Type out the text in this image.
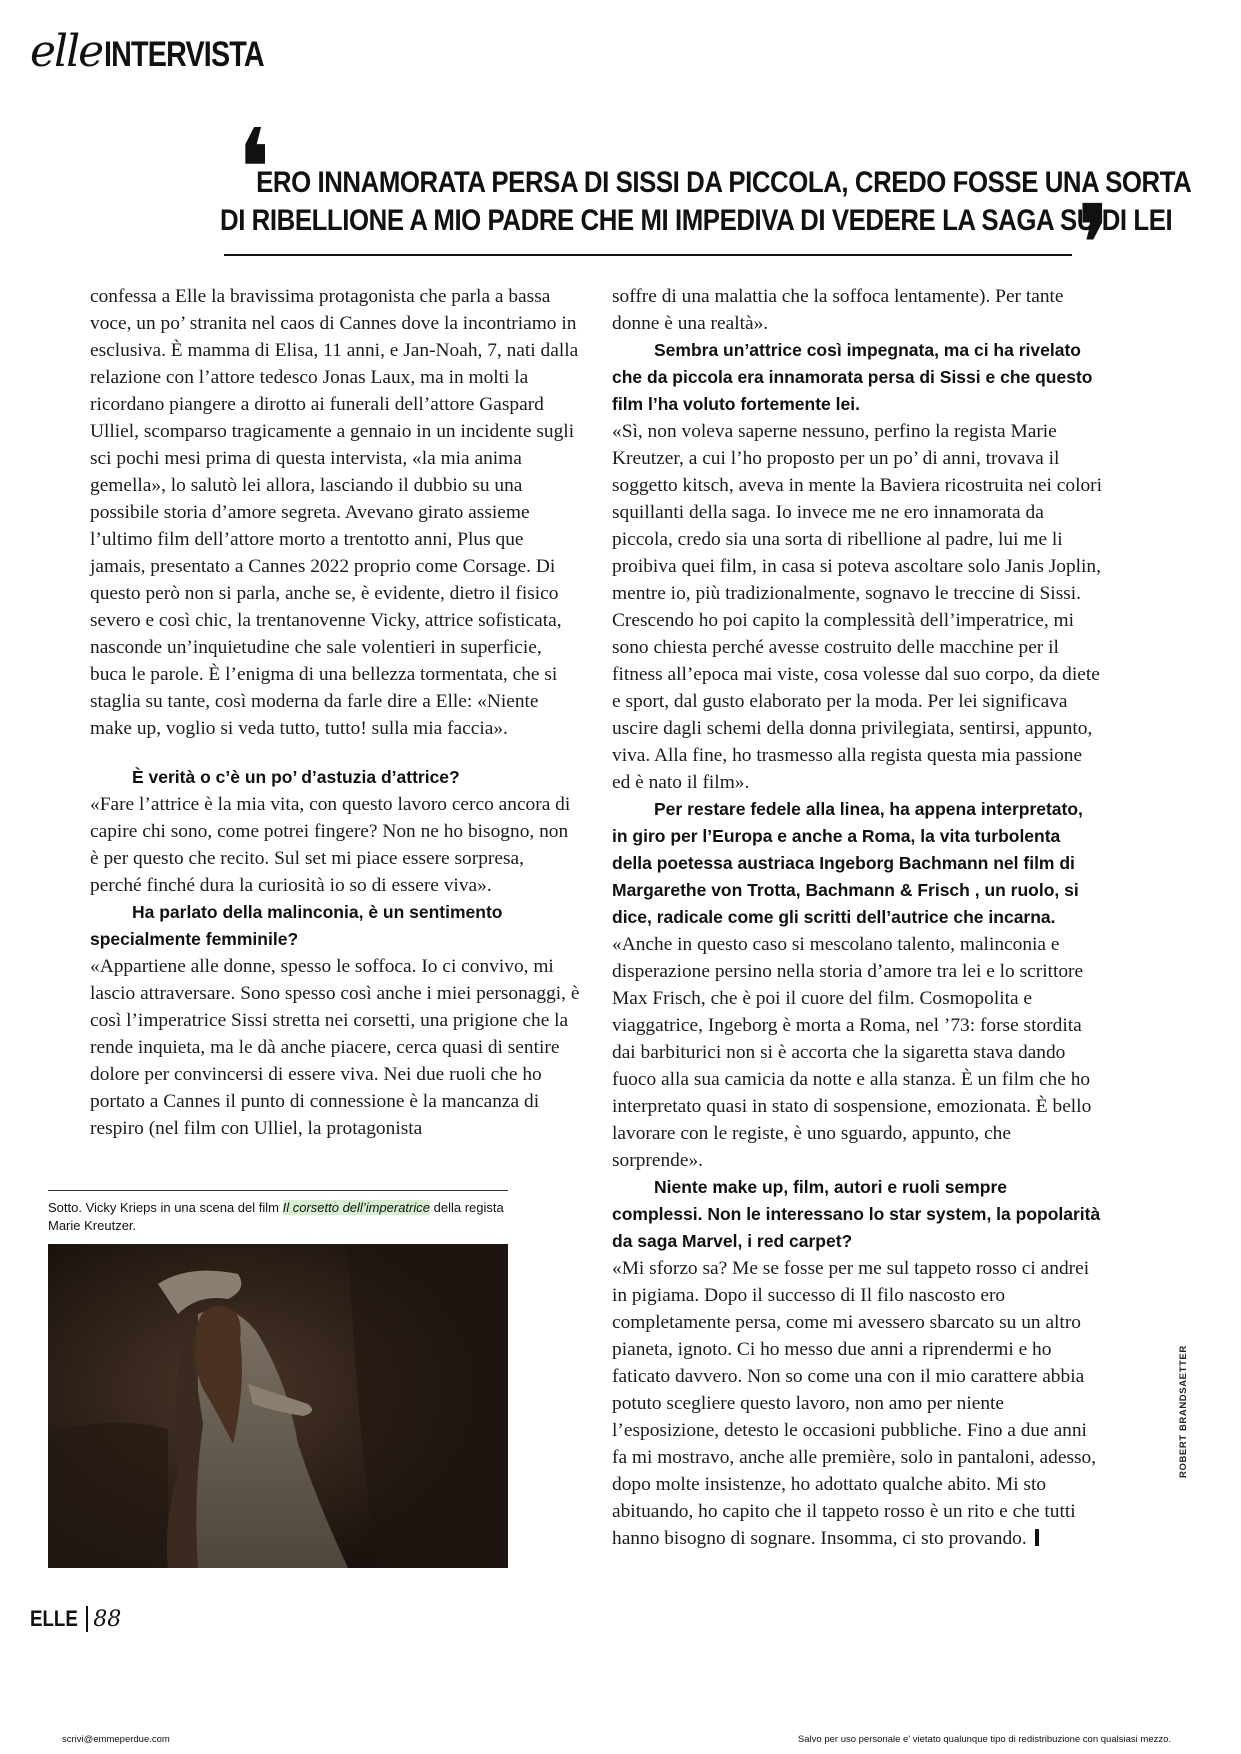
elle INTERVISTA
❛
ERO INNAMORATA PERSA DI SISSI DA PICCOLA, CREDO FOSSE UNA SORTA
DI RIBELLIONE A MIO PADRE CHE MI IMPEDIVA DI VEDERE LA SAGA SU DI LEI
❜

confessa a Elle la bravissima protagonista che parla a bassa voce, un po’ stranita nel caos di Cannes dove la incontriamo in esclusiva. È mamma di Elisa, 11 anni, e Jan-Noah, 7, nati dalla relazione con l’attore tedesco Jonas Laux, ma in molti la ricordano piangere a dirotto ai funerali dell’attore Gaspard Ulliel, scomparso tragicamente a gennaio in un incidente sugli sci pochi mesi prima di questa intervista, «la mia anima gemella», lo salutò lei allora, lasciando il dubbio su una possibile storia d’amore segreta. Avevano girato assieme l’ultimo film dell’attore morto a trentotto anni, Plus que jamais, presentato a Cannes 2022 proprio come Corsage. Di questo però non si parla, anche se, è evidente, dietro il fisico severo e così chic, la trentanovenne Vicky, attrice sofisticata, nasconde un’inquietudine che sale volentieri in superficie, buca le parole. È l’enigma di una bellezza tormentata, che si staglia su tante, così moderna da farle dire a Elle: «Niente make up, voglio si veda tutto, tutto! sulla mia faccia».

È verità o c’è un po’ d’astuzia d’attrice?

«Fare l’attrice è la mia vita, con questo lavoro cerco ancora di capire chi sono, come potrei fingere? Non ne ho bisogno, non è per questo che recito. Sul set mi piace essere sorpresa, perché finché dura la curiosità io so di essere viva».

Ha parlato della malinconia, è un sentimento specialmente femminile?

«Appartiene alle donne, spesso le soffoca. Io ci convivo, mi lascio attraversare. Sono spesso così anche i miei personaggi, è così l’imperatrice Sissi stretta nei corsetti, una prigione che la rende inquieta, ma le dà anche piacere, cerca quasi di sentire dolore per convincersi di essere viva. Nei due ruoli che ho portato a Cannes il punto di connessione è la mancanza di respiro (nel film con Ulliel, la protagonista

Sotto. Vicky Krieps in una scena del film Il corsetto dell’imperatrice della regista Marie Kreutzer.

soffre di una malattia che la soffoca lentamente). Per tante donne è una realtà».

Sembra un’attrice così impegnata, ma ci ha rivelato che da piccola era innamorata persa di Sissi e che questo film l’ha voluto fortemente lei.

«Sì, non voleva saperne nessuno, perfino la regista Marie Kreutzer, a cui l’ho proposto per un po’ di anni, trovava il soggetto kitsch, aveva in mente la Baviera ricostruita nei colori squillanti della saga. Io invece me ne ero innamorata da piccola, credo sia una sorta di ribellione al padre, lui me li proibiva quei film, in casa si poteva ascoltare solo Janis Joplin, mentre io, più tradizionalmente, sognavo le treccine di Sissi. Crescendo ho poi capito la complessità dell’imperatrice, mi sono chiesta perché avesse costruito delle macchine per il fitness all’epoca mai viste, cosa volesse dal suo corpo, da diete e sport, dal gusto elaborato per la moda. Per lei significava uscire dagli schemi della donna privilegiata, sentirsi, appunto, viva. Alla fine, ho trasmesso alla regista questa mia passione ed è nato il film».

Per restare fedele alla linea, ha appena interpretato, in giro per l’Europa e anche a Roma, la vita turbolenta della poetessa austriaca Ingeborg Bachmann nel film di Margarethe von Trotta, Bachmann & Frisch , un ruolo, si dice, radicale come gli scritti dell’autrice che incarna.

«Anche in questo caso si mescolano talento, malinconia e disperazione persino nella storia d’amore tra lei e lo scrittore Max Frisch, che è poi il cuore del film. Cosmopolita e viaggatrice, Ingeborg è morta a Roma, nel ’73: forse stordita dai barbiturici non si è accorta che la sigaretta stava dando fuoco alla sua camicia da notte e alla stanza. È un film che ho interpretato quasi in stato di sospensione, emozionata. È bello lavorare con le registe, è uno sguardo, appunto, che sorprende».

Niente make up, film, autori e ruoli sempre complessi. Non le interessano lo star system, la popolarità da saga Marvel, i red carpet?

«Mi sforzo sa? Me se fosse per me sul tappeto rosso ci andrei in pigiama. Dopo il successo di Il filo nascosto ero completamente persa, come mi avessero sbarcato su un altro pianeta, ignoto. Ci ho messo due anni a riprendermi e ho faticato davvero. Non so come una con il mio carattere abbia potuto scegliere questo lavoro, non amo per niente l’esposizione, detesto le occasioni pubbliche. Fino a due anni fa mi mostravo, anche alle première, solo in pantaloni, adesso, dopo molte insistenze, ho adottato qualche abito. Mi sto abituando, ho capito che il tappeto rosso è un rito e che tutti hanno bisogno di sognare. Insomma, ci sto provando.

ROBERT BRANDSAETTER
ELLE 88
scrivi@emmeperdue.com	Salvo per uso personale e' vietato qualunque tipo di redistribuzione con qualsiasi mezzo.
